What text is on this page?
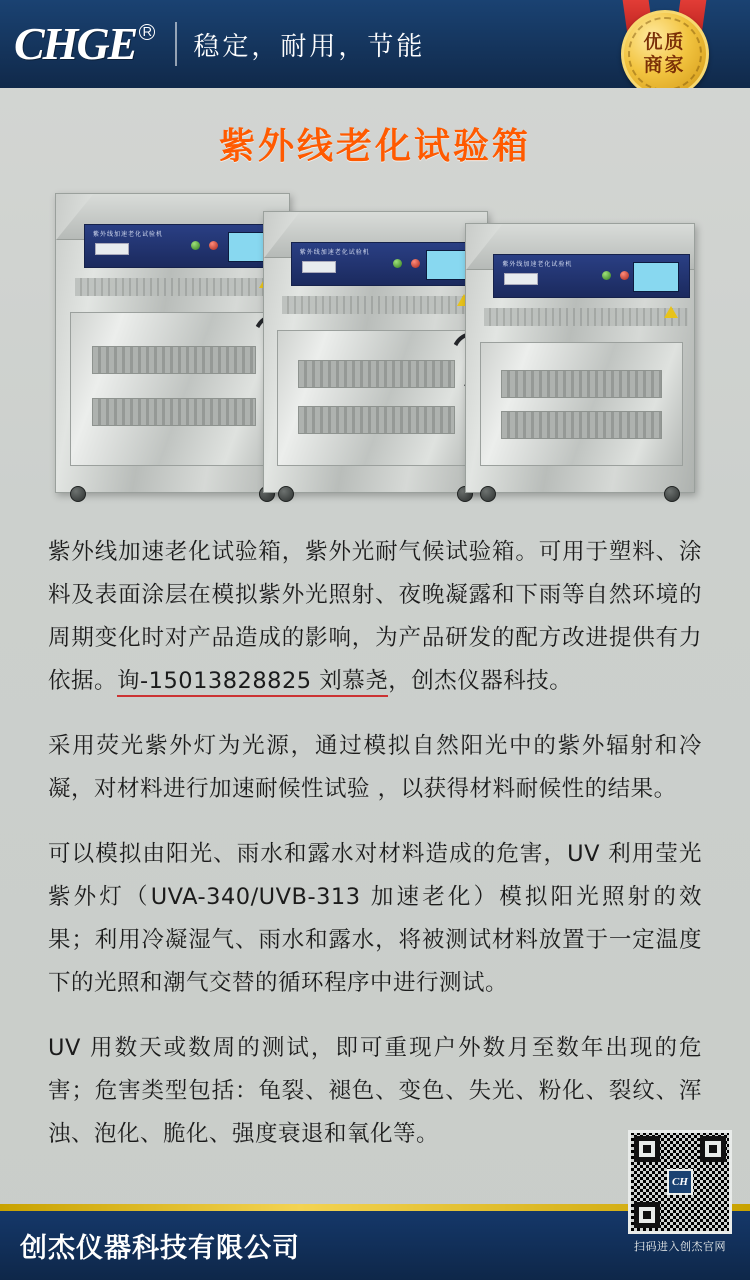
CHGE R 稳定，耐用，节能	优质
商家
紫外线老化试验箱
紫外线加速老化试验机
紫外线加速老化试验机
紫外线加速老化试验机

紫外线加速老化试验箱，紫外光耐气候试验箱。可用于塑料、涂料及表面涂层在模拟紫外光照射、夜晚凝露和下雨等自然环境的周期变化时对产品造成的影响，为产品研发的配方改进提供有力依据。询-15013828825 刘慕尧，创杰仪器科技。

采用荧光紫外灯为光源，通过模拟自然阳光中的紫外辐射和冷凝，对材料进行加速耐候性试验 ，以获得材料耐候性的结果。

可以模拟由阳光、雨水和露水对材料造成的危害，UV 利用莹光紫外灯（UVA-340/UVB-313 加速老化）模拟阳光照射的效果；利用冷凝湿气、雨水和露水，将被测试材料放置于一定温度下的光照和潮气交替的循环程序中进行测试。

UV 用数天或数周的测试，即可重现户外数月至数年出现的危害；危害类型包括：龟裂、褪色、变色、失光、粉化、裂纹、浑浊、泡化、脆化、强度衰退和氧化等。

创杰仪器科技有限公司
CH
扫码进入创杰官网
